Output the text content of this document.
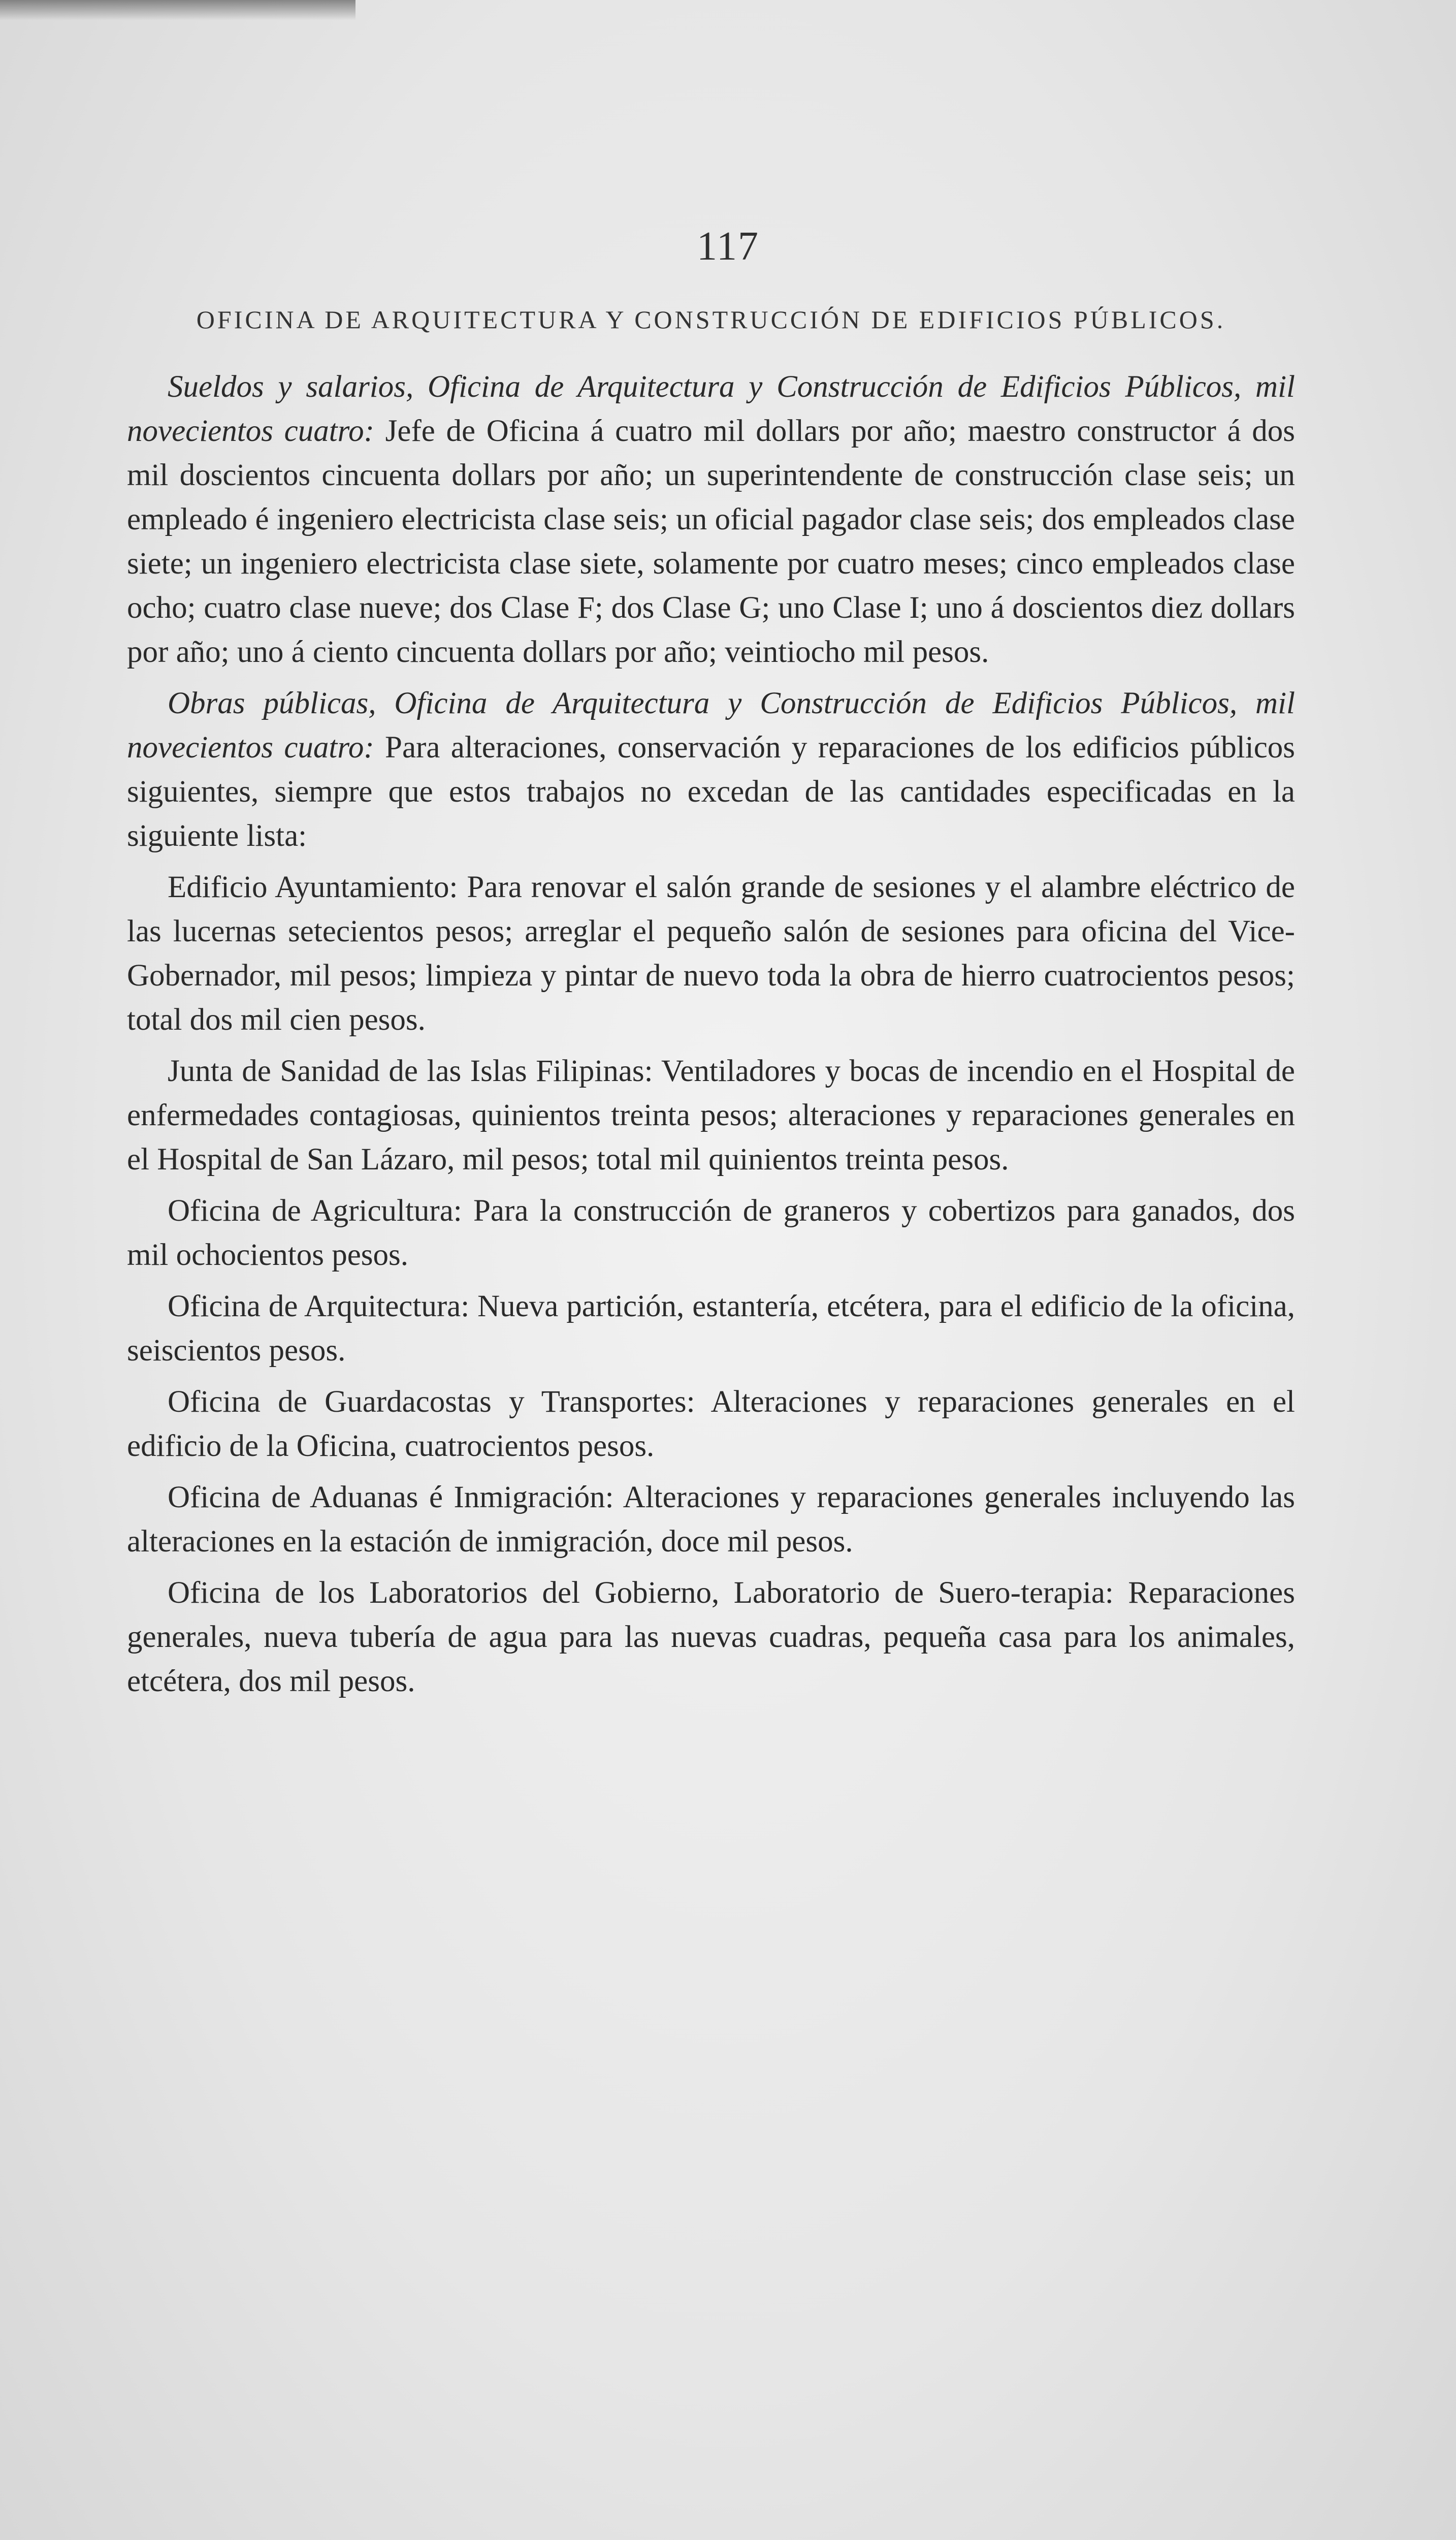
117
OFICINA DE ARQUITECTURA Y CONSTRUCCIÓN DE EDIFICIOS PÚBLICOS.

Sueldos y salarios, Oficina de Arquitectura y Construcción de Edificios Públicos, mil novecientos cuatro: Jefe de Oficina á cuatro mil dollars por año; maestro constructor á dos mil doscientos cincuenta dollars por año; un superintendente de construcción clase seis; un empleado é ingeniero electricista clase seis; un oficial pagador clase seis; dos empleados clase siete; un ingeniero electricista clase siete, solamente por cuatro meses; cinco empleados clase ocho; cuatro clase nueve; dos Clase F; dos Clase G; uno Clase I; uno á doscientos diez dollars por año; uno á ciento cincuenta dollars por año; veintiocho mil pesos.

Obras públicas, Oficina de Arquitectura y Construcción de Edificios Públicos, mil novecientos cuatro: Para alteraciones, conservación y reparaciones de los edificios públicos siguientes, siempre que estos trabajos no excedan de las cantidades especificadas en la siguiente lista:

Edificio Ayuntamiento: Para renovar el salón grande de sesiones y el alambre eléctrico de las lucernas setecientos pesos; arreglar el pequeño salón de sesiones para oficina del Vice-Gobernador, mil pesos; limpieza y pintar de nuevo toda la obra de hierro cuatrocientos pesos; total dos mil cien pesos.

Junta de Sanidad de las Islas Filipinas: Ventiladores y bocas de incendio en el Hospital de enfermedades contagiosas, quinientos treinta pesos; alteraciones y reparaciones generales en el Hospital de San Lázaro, mil pesos; total mil quinientos treinta pesos.

Oficina de Agricultura: Para la construcción de graneros y cobertizos para ganados, dos mil ochocientos pesos.

Oficina de Arquitectura: Nueva partición, estantería, etcétera, para el edificio de la oficina, seiscientos pesos.

Oficina de Guardacostas y Transportes: Alteraciones y reparaciones generales en el edificio de la Oficina, cuatrocientos pesos.

Oficina de Aduanas é Inmigración: Alteraciones y reparaciones generales incluyendo las alteraciones en la estación de inmigración, doce mil pesos.

Oficina de los Laboratorios del Gobierno, Laboratorio de Suero-terapia: Reparaciones generales, nueva tubería de agua para las nuevas cuadras, pequeña casa para los animales, etcétera, dos mil pesos.
